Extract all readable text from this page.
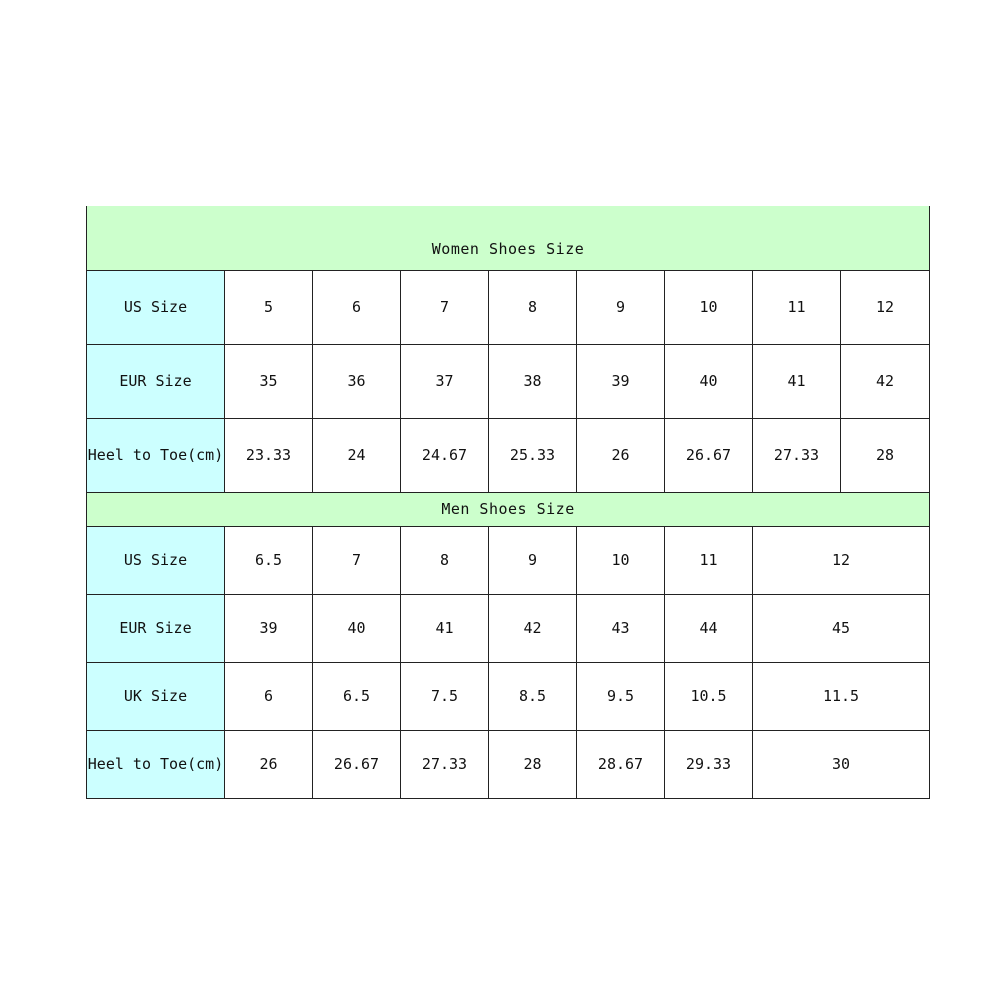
Women Shoes Size								
US Size	5	6	7	8	9	10	11	12
EUR Size	35	36	37	38	39	40	41	42
Heel to Toe(cm)	23.33	24	24.67	25.33	26	26.67	27.33	28
Men Shoes Size								
US Size	6.5	7	8	9	10	11	12	
EUR Size	39	40	41	42	43	44	45	
UK Size	6	6.5	7.5	8.5	9.5	10.5	11.5	
Heel to Toe(cm)	26	26.67	27.33	28	28.67	29.33	30	
